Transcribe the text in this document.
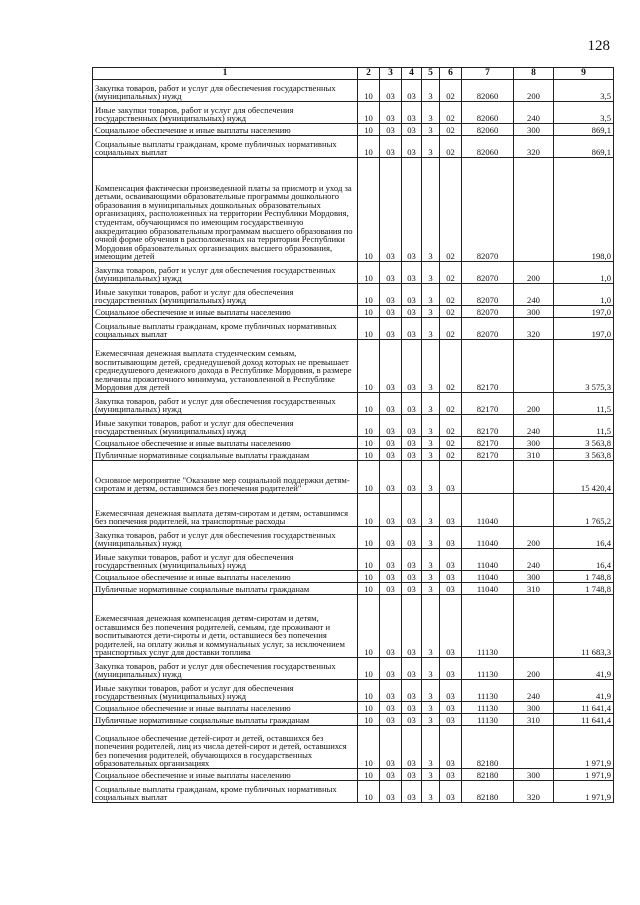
128
1	2	3	4	5	6	7	8	9
Закупка товаров, работ и услуг для обеспечения государственных (муниципальных) нужд	10	03	03	3	02	82060	200	3,5
Иные закупки товаров, работ и услуг для обеспечения государственных (муниципальных) нужд	10	03	03	3	02	82060	240	3,5
Социальное обеспечение и иные выплаты населению	10	03	03	3	02	82060	300	869,1
Социальные выплаты гражданам, кроме публичных нормативных социальных выплат	10	03	03	3	02	82060	320	869,1
Компенсация фактически произведенной платы за присмотр и уход за детьми, осваивающими образовательные программы дошкольного образования в муниципальных дошкольных образовательных организациях, расположенных на территории Республики Мордовия, студентам, обучающимся по имеющим государственную аккредитацию образовательным программам высшего образования по очной форме обучения в расположенных на территории Республики Мордовия образовательных организациях высшего образования, имеющим детей	10	03	03	3	02	82070		198,0
Закупка товаров, работ и услуг для обеспечения государственных (муниципальных) нужд	10	03	03	3	02	82070	200	1,0
Иные закупки товаров, работ и услуг для обеспечения государственных (муниципальных) нужд	10	03	03	3	02	82070	240	1,0
Социальное обеспечение и иные выплаты населению	10	03	03	3	02	82070	300	197,0
Социальные выплаты гражданам, кроме публичных нормативных социальных выплат	10	03	03	3	02	82070	320	197,0
Ежемесячная денежная выплата студенческим семьям, воспитывающим детей, среднедушевой доход которых не превышает среднедушевого денежного дохода в Республике Мордовия, в размере величины прожиточного минимума, установленной в Республике Мордовия для детей	10	03	03	3	02	82170		3 575,3
Закупка товаров, работ и услуг для обеспечения государственных (муниципальных) нужд	10	03	03	3	02	82170	200	11,5
Иные закупки товаров, работ и услуг для обеспечения государственных (муниципальных) нужд	10	03	03	3	02	82170	240	11,5
Социальное обеспечение и иные выплаты населению	10	03	03	3	02	82170	300	3 563,8
Публичные нормативные социальные выплаты гражданам	10	03	03	3	02	82170	310	3 563,8
Основное мероприятие "Оказание мер социальной поддержки детям-сиротам и детям, оставшимся без попечения родителей"	10	03	03	3	03			15 420,4
Ежемесячная денежная выплата детям-сиротам и детям, оставшимся без попечения родителей, на транспортные расходы	10	03	03	3	03	11040		1 765,2
Закупка товаров, работ и услуг для обеспечения государственных (муниципальных) нужд	10	03	03	3	03	11040	200	16,4
Иные закупки товаров, работ и услуг для обеспечения государственных (муниципальных) нужд	10	03	03	3	03	11040	240	16,4
Социальное обеспечение и иные выплаты населению	10	03	03	3	03	11040	300	1 748,8
Публичные нормативные социальные выплаты гражданам	10	03	03	3	03	11040	310	1 748,8
Ежемесячная денежная компенсация детям-сиротам и детям, оставшимся без попечения родителей, семьям, где проживают и воспитываются дети-сироты и дети, оставшиеся без попечения родителей, на оплату жилья и коммунальных услуг, за исключением транспортных услуг для доставки топлива	10	03	03	3	03	11130		11 683,3
Закупка товаров, работ и услуг для обеспечения государственных (муниципальных) нужд	10	03	03	3	03	11130	200	41,9
Иные закупки товаров, работ и услуг для обеспечения государственных (муниципальных) нужд	10	03	03	3	03	11130	240	41,9
Социальное обеспечение и иные выплаты населению	10	03	03	3	03	11130	300	11 641,4
Публичные нормативные социальные выплаты гражданам	10	03	03	3	03	11130	310	11 641,4
Социальное обеспечение детей-сирот и детей, оставшихся без попечения родителей, лиц из числа детей-сирот и детей, оставшихся без попечения родителей, обучающихся в государственных образовательных организациях	10	03	03	3	03	82180		1 971,9
Социальное обеспечение и иные выплаты населению	10	03	03	3	03	82180	300	1 971,9
Социальные выплаты гражданам, кроме публичных нормативных социальных выплат	10	03	03	3	03	82180	320	1 971,9
